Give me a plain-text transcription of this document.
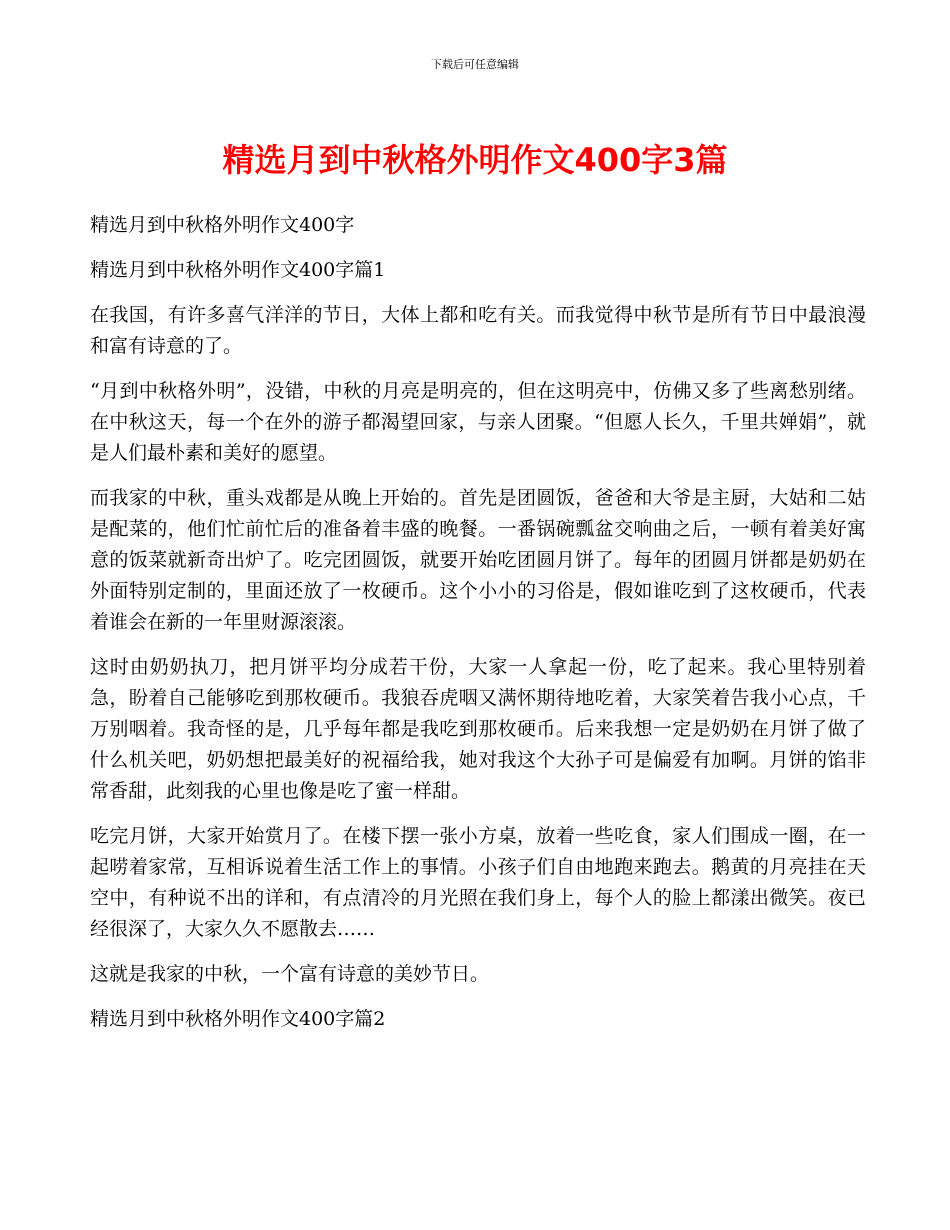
下载后可任意编辑

精选月到中秋格外明作文400字3篇

精选月到中秋格外明作文400字

精选月到中秋格外明作文400字篇1

在我国，有许多喜气洋洋的节日，大体上都和吃有关。而我觉得中秋节是所有节日中最浪漫和富有诗意的了。

“月到中秋格外明”，没错，中秋的月亮是明亮的，但在这明亮中，仿佛又多了些离愁别绪。在中秋这天，每一个在外的游子都渴望回家，与亲人团聚。“但愿人长久，千里共婵娟”，就是人们最朴素和美好的愿望。

而我家的中秋，重头戏都是从晚上开始的。首先是团圆饭，爸爸和大爷是主厨，大姑和二姑是配菜的，他们忙前忙后的准备着丰盛的晚餐。一番锅碗瓢盆交响曲之后，一顿有着美好寓意的饭菜就新奇出炉了。吃完团圆饭，就要开始吃团圆月饼了。每年的团圆月饼都是奶奶在外面特别定制的，里面还放了一枚硬币。这个小小的习俗是，假如谁吃到了这枚硬币，代表着谁会在新的一年里财源滚滚。

这时由奶奶执刀，把月饼平均分成若干份，大家一人拿起一份，吃了起来。我心里特别着急，盼着自己能够吃到那枚硬币。我狼吞虎咽又满怀期待地吃着，大家笑着告我小心点，千万别咽着。我奇怪的是，几乎每年都是我吃到那枚硬币。后来我想一定是奶奶在月饼了做了什么机关吧，奶奶想把最美好的祝福给我，她对我这个大孙子可是偏爱有加啊。月饼的馅非常香甜，此刻我的心里也像是吃了蜜一样甜。

吃完月饼，大家开始赏月了。在楼下摆一张小方桌，放着一些吃食，家人们围成一圈，在一起唠着家常，互相诉说着生活工作上的事情。小孩子们自由地跑来跑去。鹅黄的月亮挂在天空中，有种说不出的详和，有点清冷的月光照在我们身上，每个人的脸上都漾出微笑。夜已经很深了，大家久久不愿散去……

这就是我家的中秋，一个富有诗意的美妙节日。

精选月到中秋格外明作文400字篇2
